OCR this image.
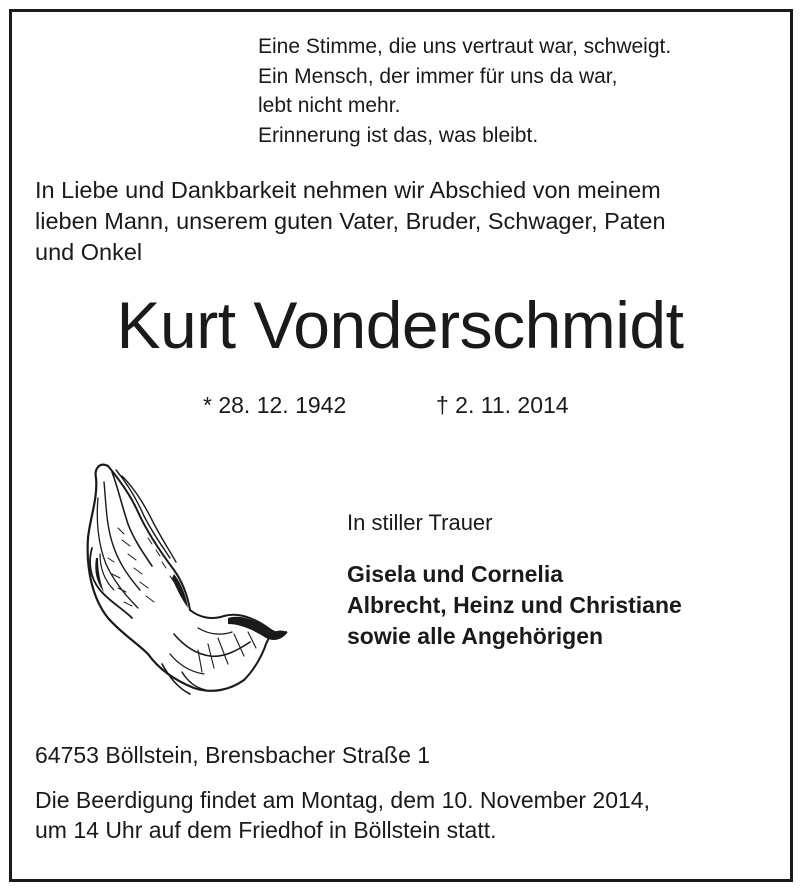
Eine Stimme, die uns vertraut war, schweigt.
Ein Mensch, der immer für uns da war,
lebt nicht mehr.
Erinnerung ist das, was bleibt.
In Liebe und Dankbarkeit nehmen wir Abschied von meinem
lieben Mann, unserem guten Vater, Bruder, Schwager, Paten
und Onkel
Kurt Vonderschmidt
* 28. 12. 1942	† 2. 11. 2014
In stiller Trauer
Gisela und Cornelia
Albrecht, Heinz und Christiane
sowie alle Angehörigen
64753 Böllstein, Brensbacher Straße 1
Die Beerdigung findet am Montag, dem 10. November 2014,
um 14 Uhr auf dem Friedhof in Böllstein statt.
